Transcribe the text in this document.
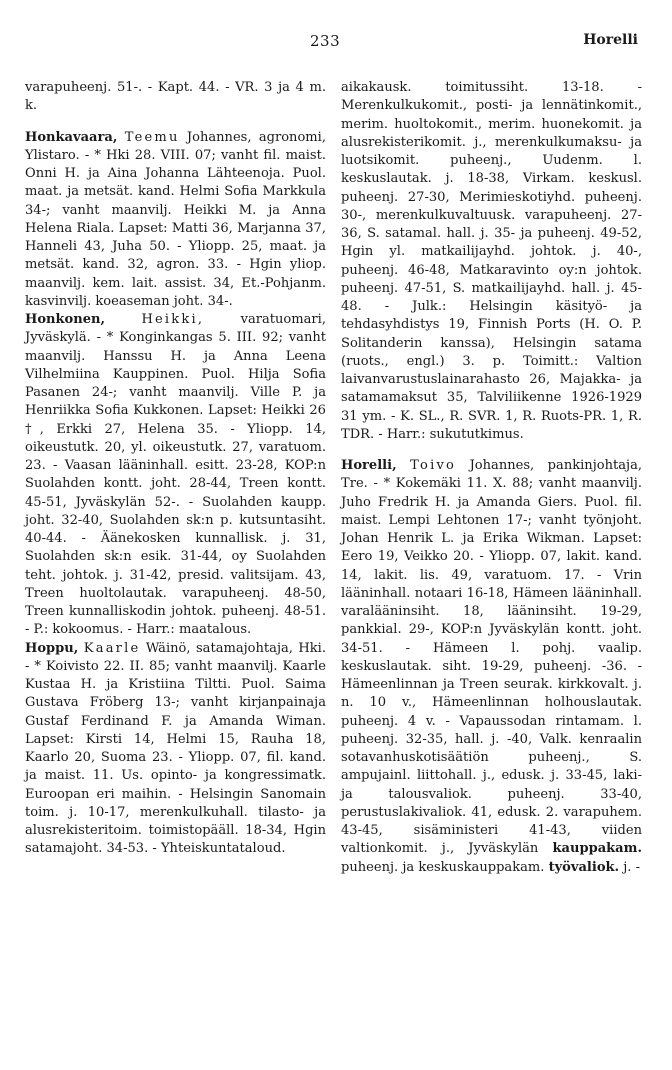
233	Horelli

varapuheenj. 51-. - Kapt. 44. - VR. 3 ja 4 m. k.

Honkavaara, Teemu Johannes, agronomi, Ylistaro. - * Hki 28. VIII. 07; vanht fil. maist. Onni H. ja Aina Johanna Lähteenoja. Puol. maat. ja metsät. kand. Helmi Sofia Markkula 34-; vanht maanvilj. Heikki M. ja Anna Helena Riala. Lapset: Matti 36, Marjanna 37, Hanneli 43, Juha 50. - Yliopp. 25, maat. ja metsät. kand. 32, agron. 33. - Hgin yliop. maanvilj. kem. lait. assist. 34, Et.-Pohjanm. kasvinvilj. koeaseman joht. 34-.

Honkonen,	Heikki, varatuomari, Jyväskylä. - * Konginkangas 5. III. 92; vanht maanvilj. Hanssu H. ja Anna Leena Vilhelmiina Kauppinen. Puol. Hilja Sofia Pasanen 24-; vanht maanvilj. Ville P. ja Henriikka Sofia Kukkonen. Lapset: Heikki 26 †, Erkki 27, Helena 35. - Yliopp. 14, oikeustutk. 20, yl. oikeustutk. 27, varatuom. 23. - Vaasan lääninhall. esitt. 23-28, KOP:n Suolahden kontt. joht. 28-44, Treen kontt. 45-51, Jyväskylän 52-. - Suolahden kaupp. joht. 32-40, Suolahden sk:n p. kutsuntasiht. 40-44. - Äänekosken kunnallisk. j. 31, Suolahden sk:n esik. 31-44, oy Suolahden teht. johtok. j. 31-42, presid. valitsijam. 43, Treen huoltolautak. varapuheenj. 48-50, Treen kunnalliskodin johtok. puheenj. 48-51. - P.: kokoomus. - Harr.: maatalous.

Hoppu, Kaarle Wäinö, satamajohtaja, Hki. - * Koivisto 22. II. 85; vanht maanvilj. Kaarle Kustaa H. ja Kristiina Tiltti. Puol. Saima Gustava Fröberg 13-; vanht kirjanpainaja Gustaf Ferdinand F. ja Amanda Wiman. Lapset: Kirsti 14, Helmi 15, Rauha 18, Kaarlo 20, Suoma 23. - Yliopp. 07, fil. kand. ja maist. 11. Us. opinto- ja kongressimatk. Euroopan eri maihin. - Helsingin Sanomain toim. j. 10-17, merenkulkuhall. tilasto- ja alusrekisteritoim. toimistopääll. 18-34, Hgin satamajoht. 34-53. - Yhteiskuntataloud.

aikakausk. toimitussiht. 13-18. - Merenkulkukomit., posti- ja lennätinkomit., merim. huoltokomit., merim. huonekomit. ja alusrekisterikomit. j., merenkulkumaksu- ja luotsikomit. puheenj., Uudenm. l. keskuslautak. j. 18-38, Virkam. keskusl. puheenj. 27-30, Merimieskotiyhd. puheenj. 30-, merenkulkuvaltuusk. varapuheenj. 27-36, S. satamal. hall. j. 35- ja puheenj. 49-52, Hgin yl. matkailijayhd. johtok. j. 40-, puheenj. 46-48, Matkaravinto oy:n johtok. puheenj. 47-51, S. matkailijayhd. hall. j. 45-48. - Julk.: Helsingin käsityö- ja tehdasyhdistys 19, Finnish Ports (H. O. P. Solitanderin kanssa), Helsingin satama (ruots., engl.) 3. p. Toimitt.: Valtion laivanvarustuslainarahasto 26, Majakka- ja satamamaksut 35, Talviliikenne 1926-1929 31 ym. - K. SL., R. SVR. 1, R. Ruots-PR. 1, R. TDR. - Harr.: sukututkimus.

Horelli, Toivo Johannes, pankinjohtaja, Tre. - * Kokemäki 11. X. 88; vanht maanvilj. Juho Fredrik H. ja Amanda Giers. Puol. fil. maist. Lempi Lehtonen 17-; vanht työnjoht. Johan Henrik L. ja Erika Wikman. Lapset: Eero 19, Veikko 20. - Yliopp. 07, lakit. kand. 14, lakit. lis. 49, varatuom. 17. - Vrin lääninhall. notaari 16-18, Hämeen lääninhall. varalääninsiht. 18, lääninsiht. 19-29, pankkial. 29-, KOP:n Jyväskylän kontt. joht. 34-51. - Hämeen l. pohj. vaalip. keskuslautak. siht. 19-29, puheenj. -36. - Hämeenlinnan ja Treen seurak. kirkkovalt. j. n. 10 v., Hämeenlinnan holhouslautak. puheenj. 4 v. - Vapaussodan rintamam. l. puheenj. 32-35, hall. j. -40, Valk. kenraalin sotavanhuskotisäätiön puheenj., S. ampujainl. liittohall. j., edusk. j. 33-45, laki- ja talousvaliok. puheenj. 33-40, perustuslakivaliok. 41, edusk. 2. varapuhem. 43-45, sisäministeri 41-43, viiden valtionkomit. j., Jyväskylän kauppakam. puheenj. ja keskuskauppakam. työvaliok. j. -
